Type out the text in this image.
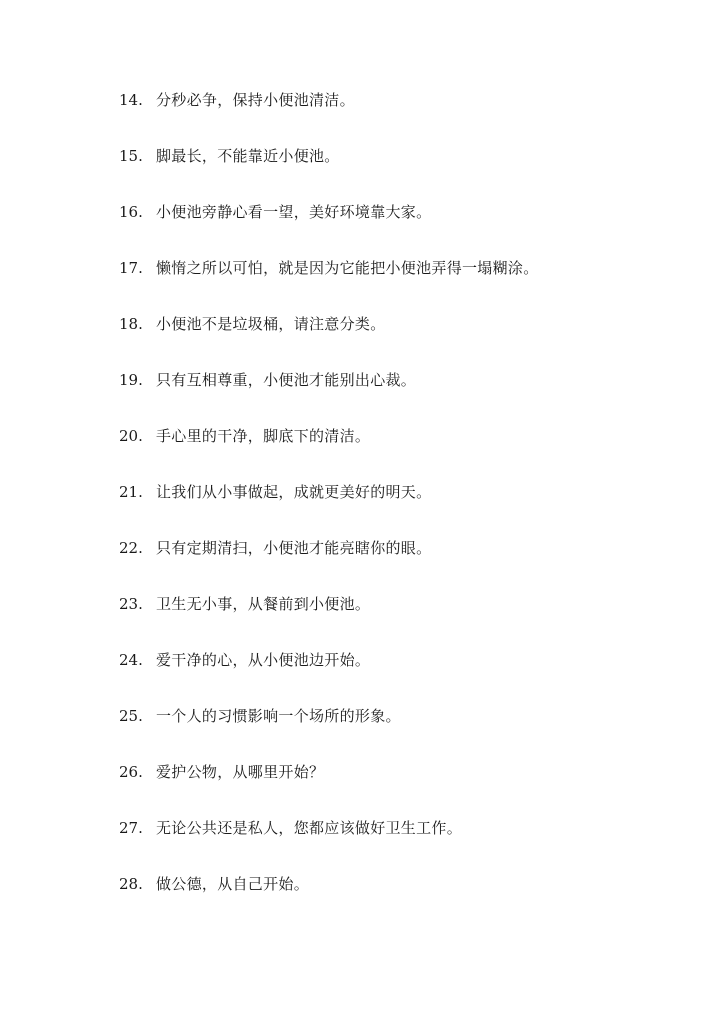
14. 分秒必争，保持小便池清洁。
15. 脚最长，不能靠近小便池。
16. 小便池旁静心看一望，美好环境靠大家。
17. 懒惰之所以可怕，就是因为它能把小便池弄得一塌糊涂。
18. 小便池不是垃圾桶，请注意分类。
19. 只有互相尊重，小便池才能别出心裁。
20. 手心里的干净，脚底下的清洁。
21. 让我们从小事做起，成就更美好的明天。
22. 只有定期清扫，小便池才能亮瞎你的眼。
23. 卫生无小事，从餐前到小便池。
24. 爱干净的心，从小便池边开始。
25. 一个人的习惯影响一个场所的形象。
26. 爱护公物，从哪里开始？
27. 无论公共还是私人，您都应该做好卫生工作。
28. 做公德，从自己开始。
